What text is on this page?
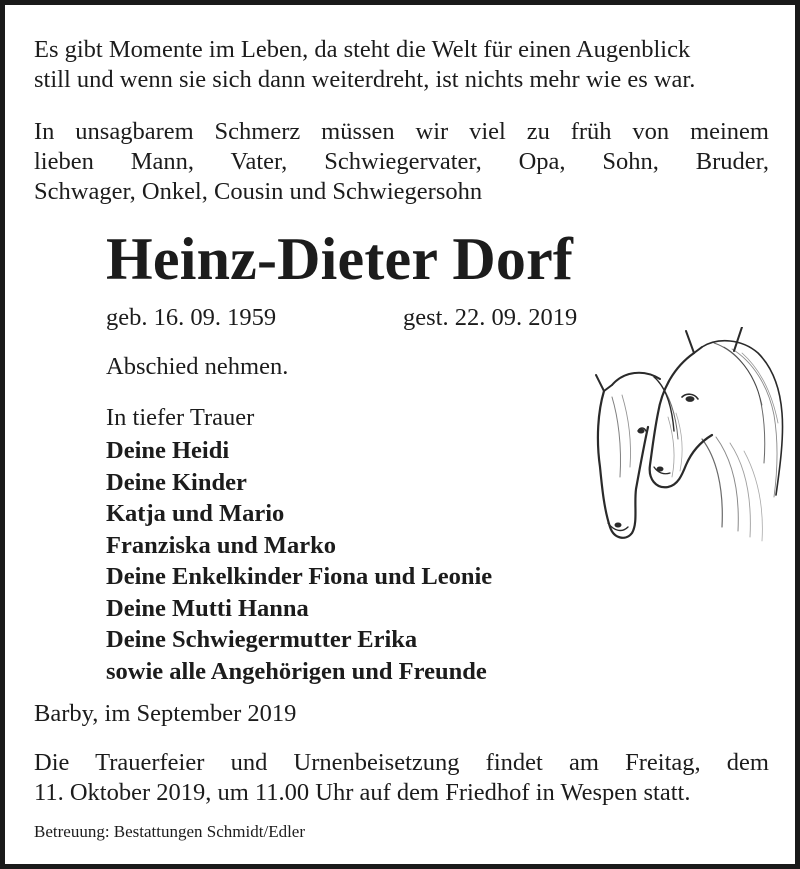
Es gibt Momente im Leben, da steht die Welt für einen Augenblick
still und wenn sie sich dann weiterdreht, ist nichts mehr wie es war.
In unsagbarem Schmerz müssen wir viel zu früh von meinem
lieben Mann, Vater, Schwiegervater, Opa, Sohn, Bruder,
Schwager, Onkel, Cousin und Schwiegersohn
Heinz-Dieter Dorf
geb. 16. 09. 1959	gest. 22. 09. 2019
Abschied nehmen.
In tiefer Trauer
Deine Heidi
Deine Kinder
Katja und Mario
Franziska und Marko
Deine Enkelkinder Fiona und Leonie
Deine Mutti Hanna
Deine Schwiegermutter Erika
sowie alle Angehörigen und Freunde
Barby, im September 2019
Die Trauerfeier und Urnenbeisetzung findet am Freitag, dem
11. Oktober 2019, um 11.00 Uhr auf dem Friedhof in Wespen statt.
Betreuung: Bestattungen Schmidt/Edler
